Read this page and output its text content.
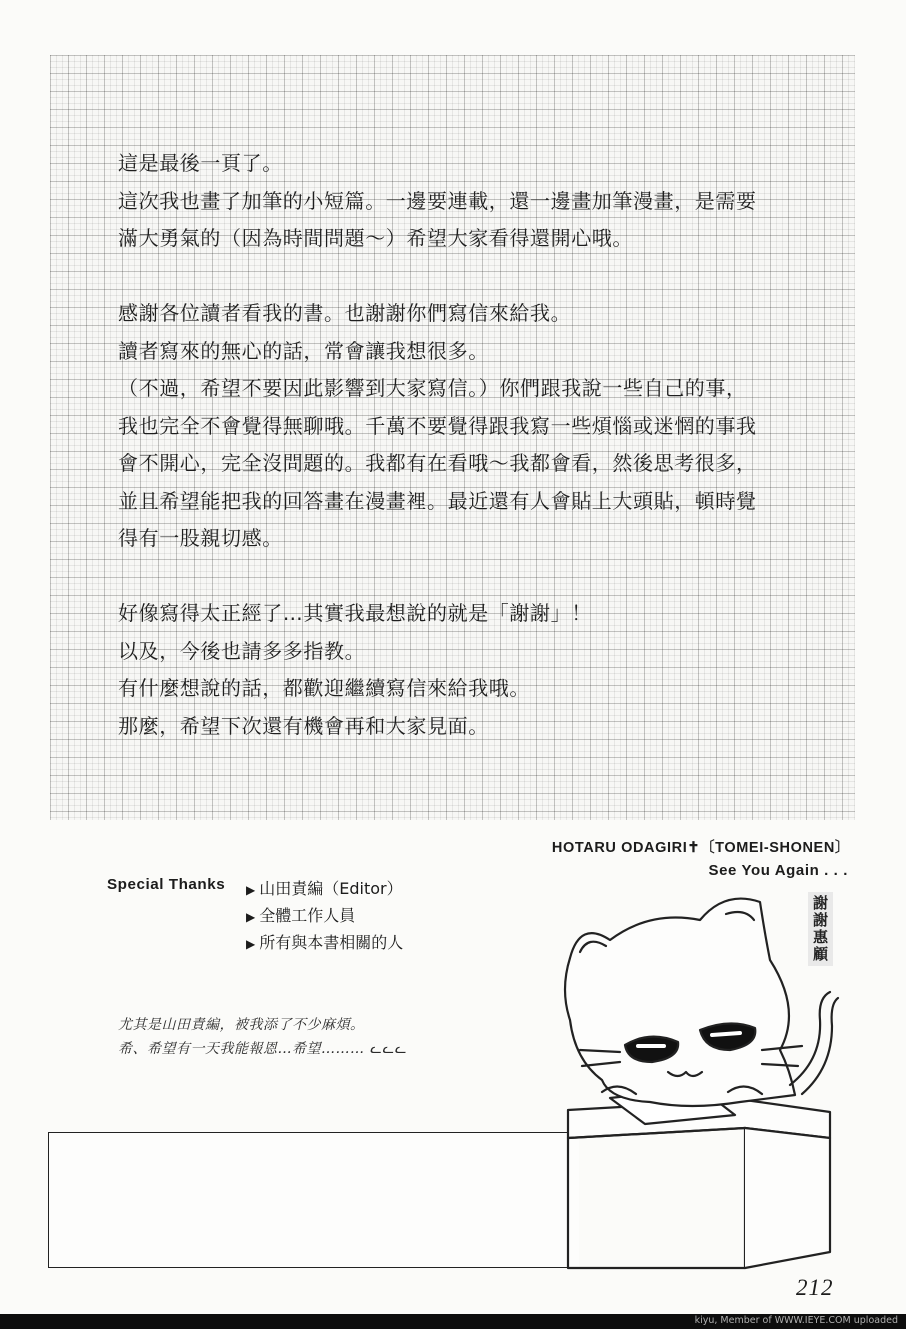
這是最後一頁了。
這次我也畫了加筆的小短篇。一邊要連載，還一邊畫加筆漫畫，是需要
滿大勇氣的（因為時間問題～）希望大家看得還開心哦。

感謝各位讀者看我的書。也謝謝你們寫信來給我。
讀者寫來的無心的話，常會讓我想很多。
（不過，希望不要因此影響到大家寫信。）你們跟我說一些自己的事，
我也完全不會覺得無聊哦。千萬不要覺得跟我寫一些煩惱或迷惘的事我
會不開心，完全沒問題的。我都有在看哦～我都會看，然後思考很多，
並且希望能把我的回答畫在漫畫裡。最近還有人會貼上大頭貼，頓時覺
得有一股親切感。

好像寫得太正經了…其實我最想說的就是「謝謝」！
以及，今後也請多多指教。
有什麼想說的話，都歡迎繼續寫信來給我哦。
那麼，希望下次還有機會再和大家見面。

HOTARU ODAGIRI✝〔TOMEI-SHONEN〕
See You Again . . .
Special Thanks ▶ 山田責編（Editor）
▶ 全體工作人員
▶ 所有與本書相關的人
尤其是山田責編，被我添了不少麻煩。
希、希望有一天我能報恩…希望……… ᓚᓚᓚ
謝謝惠顧
212
kiyu, Member of WWW.IEYE.COM uploaded
